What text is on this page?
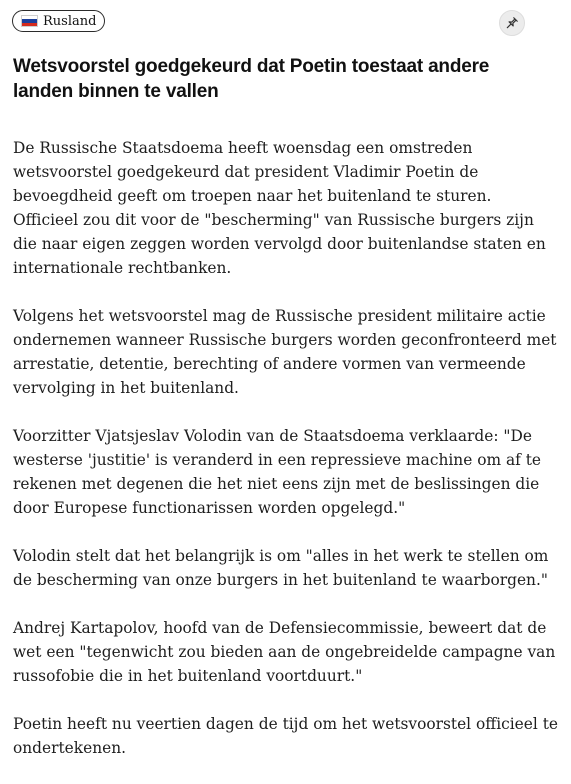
Rusland
Wetsvoorstel goedgekeurd dat Poetin toestaat andere landen binnen te vallen

De Russische Staatsdoema heeft woensdag een omstreden wetsvoorstel goedgekeurd dat president Vladimir Poetin de bevoegdheid geeft om troepen naar het buitenland te sturen. Officieel zou dit voor de "bescherming" van Russische burgers zijn die naar eigen zeggen worden vervolgd door buitenlandse staten en internationale rechtbanken.

Volgens het wetsvoorstel mag de Russische president militaire actie ondernemen wanneer Russische burgers worden geconfronteerd met arrestatie, detentie, berechting of andere vormen van vermeende vervolging in het buitenland.

Voorzitter Vjatsjeslav Volodin van de Staatsdoema verklaarde: "De westerse 'justitie' is veranderd in een repressieve machine om af te rekenen met degenen die het niet eens zijn met de beslissingen die door Europese functionarissen worden opgelegd."

Volodin stelt dat het belangrijk is om "alles in het werk te stellen om de bescherming van onze burgers in het buitenland te waarborgen."

Andrej Kartapolov, hoofd van de Defensiecommissie, beweert dat de wet een "tegenwicht zou bieden aan de ongebreidelde campagne van russofobie die in het buitenland voortduurt."

Poetin heeft nu veertien dagen de tijd om het wetsvoorstel officieel te ondertekenen.
